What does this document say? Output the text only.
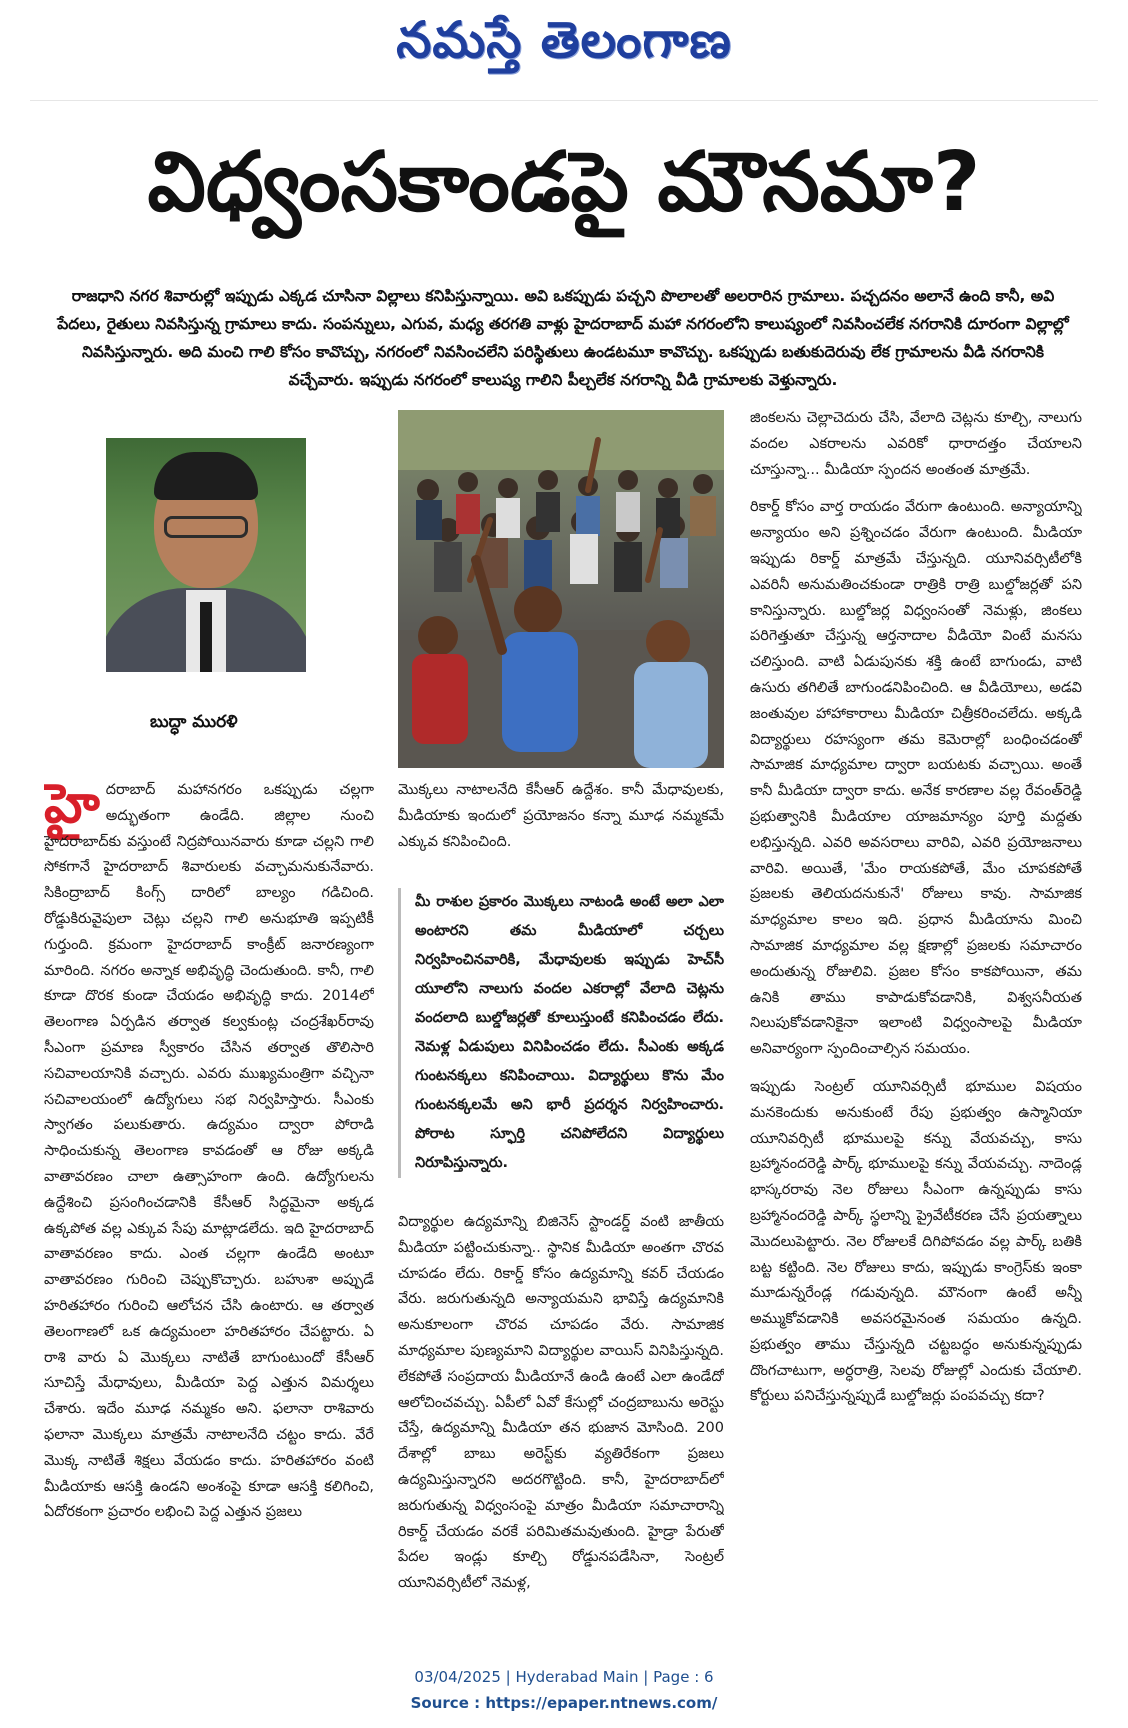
నమస్తే తెలంగాణ
విధ్వంసకాండపై మౌనమా?
రాజధాని నగర శివారుల్లో ఇప్పుడు ఎక్కడ చూసినా విల్లాలు కనిపిస్తున్నాయి. అవి ఒకప్పుడు పచ్చని పొలాలతో అలరారిన గ్రామాలు. పచ్చదనం అలానే ఉంది కానీ, అవి పేదలు, రైతులు నివసిస్తున్న గ్రామాలు కాదు. సంపన్నులు, ఎగువ, మధ్య తరగతి వాళ్లు హైదరాబాద్ మహా నగరంలోని కాలుష్యంలో నివసించలేక నగరానికి దూరంగా విల్లాల్లో నివసిస్తున్నారు. అది మంచి గాలి కోసం కావొచ్చు, నగరంలో నివసించలేని పరిస్థితులు ఉండటమూ కావొచ్చు. ఒకప్పుడు బతుకుదెరువు లేక గ్రామాలను వీడి నగరానికి వచ్చేవారు. ఇప్పుడు నగరంలో కాలుష్య గాలిని పీల్చలేక నగరాన్ని వీడి గ్రామాలకు వెళ్తున్నారు.
బుద్ధా మురళి

హైదరాబాద్ మహానగరం ఒకప్పుడు చల్లగా అద్భుతంగా ఉండేది. జిల్లాల నుంచి హైదరాబాద్‌కు వస్తుంటే నిద్రపోయినవారు కూడా చల్లని గాలి సోకగానే హైదరాబాద్ శివారులకు వచ్చామనుకునేవారు. సికింద్రాబాద్ కింగ్స్ దారిలో బాల్యం గడిచింది. రోడ్డుకిరువైపులా చెట్లు చల్లని గాలి అనుభూతి ఇప్పటికీ గుర్తుంది. క్రమంగా హైదరాబాద్ కాంక్రీట్ జనారణ్యంగా మారింది. నగరం అన్నాక అభివృద్ధి చెందుతుంది. కానీ, గాలి కూడా దొరక కుండా చేయడం అభివృద్ధి కాదు. 2014లో తెలంగాణ ఏర్పడిన తర్వాత కల్వకుంట్ల చంద్రశేఖర్‌రావు సీఎంగా ప్రమాణ స్వీకారం చేసిన తర్వాత తొలిసారి సచివాలయానికి వచ్చారు. ఎవరు ముఖ్యమంత్రిగా వచ్చినా సచివాలయంలో ఉద్యోగులు సభ నిర్వహిస్తారు. సీఎంకు స్వాగతం పలుకుతారు. ఉద్యమం ద్వారా పోరాడి సాధించుకున్న తెలంగాణ కావడంతో ఆ రోజు అక్కడి వాతావరణం చాలా ఉత్సాహంగా ఉంది. ఉద్యోగులను ఉద్దేశించి ప్రసంగించడానికి కేసీఆర్ సిద్ధమైనా అక్కడ ఉక్కపోత వల్ల ఎక్కువ సేపు మాట్లాడలేదు. ఇది హైదరాబాద్ వాతావరణం కాదు. ఎంత చల్లగా ఉండేది అంటూ వాతావరణం గురించి చెప్పుకొచ్చారు. బహుశా అప్పుడే హరితహారం గురించి ఆలోచన చేసి ఉంటారు. ఆ తర్వాత తెలంగాణలో ఒక ఉద్యమంలా హరితహారం చేపట్టారు. ఏ రాశి వారు ఏ మొక్కలు నాటితే బాగుంటుందో కేసీఆర్ సూచిస్తే మేధావులు, మీడియా పెద్ద ఎత్తున విమర్శలు చేశారు. ఇదేం మూఢ నమ్మకం అని. ఫలానా రాశివారు ఫలానా మొక్కలు మాత్రమే నాటాలనేది చట్టం కాదు. వేరే మొక్క నాటితే శిక్షలు వేయడం కాదు. హరితహారం వంటి మీడియాకు ఆసక్తి ఉండని అంశంపై కూడా ఆసక్తి కలిగించి, ఏదోరకంగా ప్రచారం లభించి పెద్ద ఎత్తున ప్రజలు

మొక్కలు నాటాలనేది కేసీఆర్ ఉద్దేశం. కానీ మేధావులకు, మీడియాకు ఇందులో ప్రయోజనం కన్నా మూఢ నమ్మకమే ఎక్కువ కనిపించింది.
మీ రాశుల ప్రకారం మొక్కలు నాటండి అంటే అలా ఎలా అంటారని తమ మీడియాలో చర్చలు నిర్వహించినవారికి, మేధావులకు ఇప్పుడు హెచ్‌సీ యూలోని నాలుగు వందల ఎకరాల్లో వేలాది చెట్లను వందలాది బుల్డోజర్లతో కూలుస్తుంటే కనిపించడం లేదు. నెమళ్ల ఏడుపులు వినిపించడం లేదు. సీఎంకు అక్కడ గుంటనక్కలు కనిపించాయి. విద్యార్థులు కొను మేం గుంటనక్కలమే అని భారీ ప్రదర్శన నిర్వహించారు. పోరాట స్ఫూర్తి చనిపోలేదని విద్యార్థులు నిరూపిస్తున్నారు.
విద్యార్థుల ఉద్యమాన్ని బిజినెస్ స్టాండర్డ్ వంటి జాతీయ మీడియా పట్టించుకున్నా.. స్థానిక మీడియా అంతగా చొరవ చూపడం లేదు. రికార్డ్ కోసం ఉద్యమాన్ని కవర్ చేయడం వేరు. జరుగుతున్నది అన్యాయమని భావిస్తే ఉద్యమానికి అనుకూలంగా చొరవ చూపడం వేరు. సామాజిక మాధ్యమాల పుణ్యమాని విద్యార్థుల వాయిస్ వినిపిస్తున్నది. లేకపోతే సంప్రదాయ మీడియానే ఉండి ఉంటే ఎలా ఉండేదో ఆలోచించవచ్చు. ఏపీలో ఏవో కేసుల్లో చంద్రబాబును అరెస్టు చేస్తే, ఉద్యమాన్ని మీడియా తన భుజాన మోసింది. 200 దేశాల్లో బాబు అరెస్ట్‌కు వ్యతిరేకంగా ప్రజలు ఉద్యమిస్తున్నారని అదరగొట్టింది. కానీ, హైదరాబాద్‌లో జరుగుతున్న విధ్వంసంపై మాత్రం మీడియా సమాచారాన్ని రికార్డ్ చేయడం వరకే పరిమితమవుతుంది. హైడ్రా పేరుతో పేదల ఇండ్లు కూల్చి రోడ్డునపడేసినా, సెంట్రల్ యూనివర్సిటీలో నెమళ్ల,

జింకలను చెల్లాచెదురు చేసి, వేలాది చెట్లను కూల్చి, నాలుగు వందల ఎకరాలను ఎవరికో ధారాదత్తం చేయాలని చూస్తున్నా... మీడియా స్పందన అంతంత మాత్రమే.

రికార్డ్ కోసం వార్త రాయడం వేరుగా ఉంటుంది. అన్యాయాన్ని అన్యాయం అని ప్రశ్నించడం వేరుగా ఉంటుంది. మీడియా ఇప్పుడు రికార్డ్ మాత్రమే చేస్తున్నది. యూనివర్సిటీలోకి ఎవరినీ అనుమతించకుండా రాత్రికి రాత్రి బుల్డోజర్లతో పని కానిస్తున్నారు. బుల్డోజర్ల విధ్వంసంతో నెమళ్లు, జింకలు పరిగెత్తుతూ చేస్తున్న ఆర్తనాదాల వీడియో వింటే మనసు చలిస్తుంది. వాటి ఏడుపునకు శక్తి ఉంటే బాగుండు, వాటి ఉసురు తగిలితే బాగుండనిపించింది. ఆ వీడియోలు, అడవి జంతువుల హాహాకారాలు మీడియా చిత్రీకరించలేదు. అక్కడి విద్యార్థులు రహస్యంగా తమ కెమెరాల్లో బంధించడంతో సామాజిక మాధ్యమాల ద్వారా బయటకు వచ్చాయి. అంతే కానీ మీడియా ద్వారా కాదు. అనేక కారణాల వల్ల రేవంత్‌రెడ్డి ప్రభుత్వానికి మీడియాల యాజమాన్యం పూర్తి మద్దతు లభిస్తున్నది. ఎవరి అవసరాలు వారివి, ఎవరి ప్రయోజనాలు వారివి. అయితే, 'మేం రాయకపోతే, మేం చూపకపోతే ప్రజలకు తెలియదనుకునే' రోజులు కావు. సామాజిక మాధ్యమాల కాలం ఇది. ప్రధాన మీడియాను మించి సామాజిక మాధ్యమాల వల్ల క్షణాల్లో ప్రజలకు సమాచారం అందుతున్న రోజులివి. ప్రజల కోసం కాకపోయినా, తమ ఉనికి తాము కాపాడుకోవడానికి, విశ్వసనీయత నిలుపుకోవడానికైనా ఇలాంటి విధ్వంసాలపై మీడియా అనివార్యంగా స్పందించాల్సిన సమయం.

ఇప్పుడు సెంట్రల్ యూనివర్సిటీ భూముల విషయం మనకెందుకు అనుకుంటే రేపు ప్రభుత్వం ఉస్మానియా యూనివర్సిటీ భూములపై కన్ను వేయవచ్చు, కాసు బ్రహ్మానందరెడ్డి పార్క్ భూములపై కన్ను వేయవచ్చు. నాదెండ్ల భాస్కరరావు నెల రోజులు సీఎంగా ఉన్నప్పుడు కాసు బ్రహ్మానందరెడ్డి పార్క్ స్థలాన్ని ప్రైవేటీకరణ చేసే ప్రయత్నాలు మొదలుపెట్టారు. నెల రోజులకే దిగిపోవడం వల్ల పార్క్ బతికి బట్ట కట్టింది. నెల రోజులు కాదు, ఇప్పుడు కాంగ్రెస్‌కు ఇంకా మూడున్నరేండ్ల గడువున్నది. మౌనంగా ఉంటే అన్నీ అమ్ముకోవడానికి అవసరమైనంత సమయం ఉన్నది. ప్రభుత్వం తాము చేస్తున్నది చట్టబద్ధం అనుకున్నప్పుడు దొంగచాటుగా, అర్ధరాత్రి, సెలవు రోజుల్లో ఎందుకు చేయాలి. కోర్టులు పనిచేస్తున్నప్పుడే బుల్డోజర్లు పంపవచ్చు కదా?

03/04/2025 | Hyderabad Main | Page : 6
Source : https://epaper.ntnews.com/
